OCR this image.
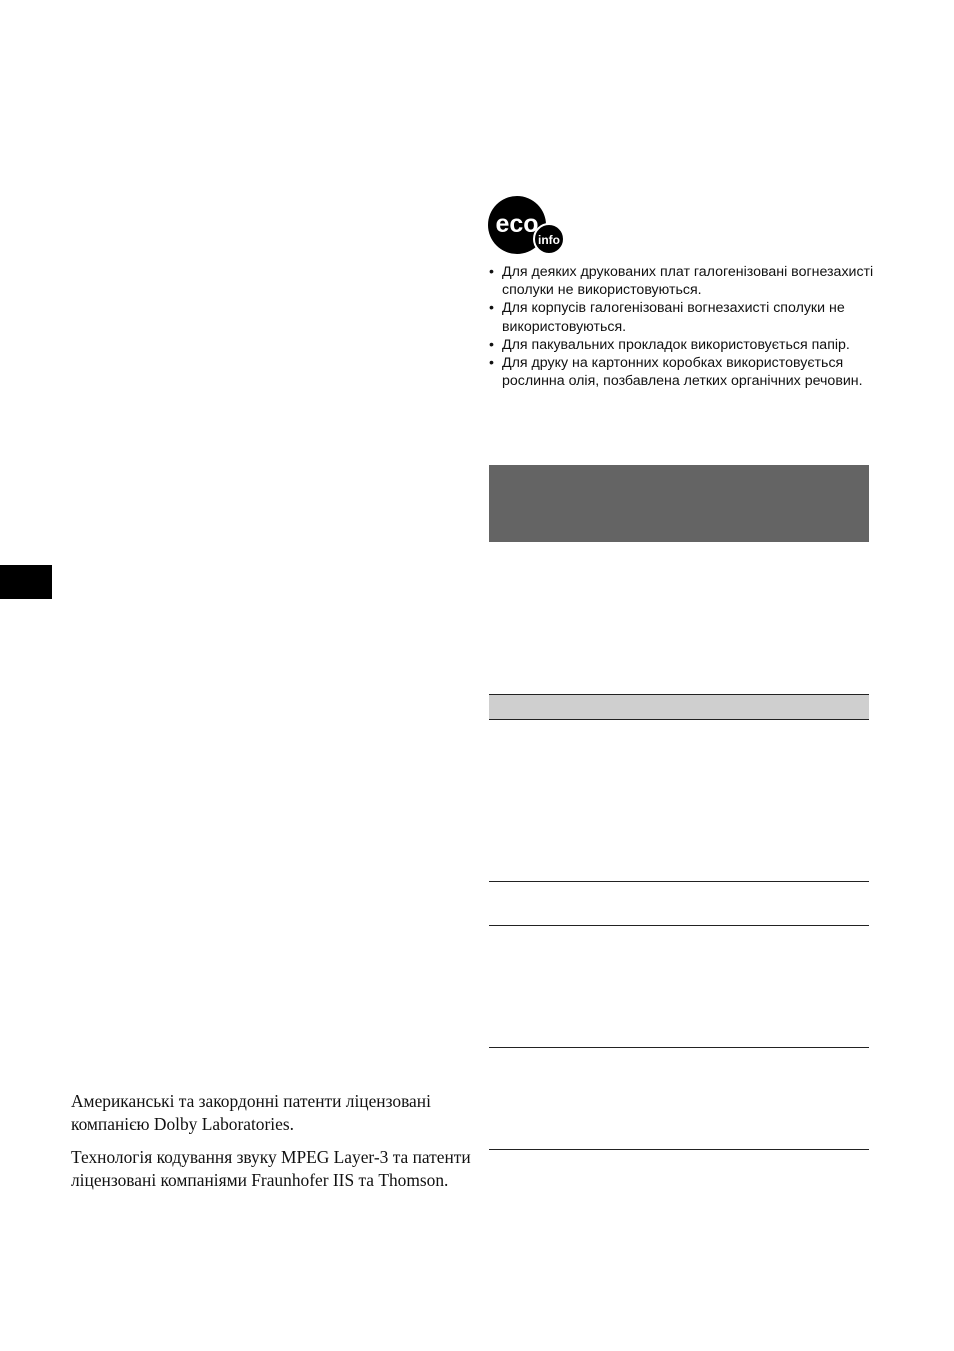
eco
info
• Для деяких друкованих плат галогенізовані вогнезахисті сполуки не використовуються.
• Для корпусів галогенізовані вогнезахисті сполуки не використовуються.
• Для пакувальних прокладок використовується папір.
• Для друку на картонних коробках використовується рослинна олія, позбавлена летких органічних речовин.

Американські та закордонні патенти ліцензовані компанією Dolby Laboratories.

Технологія кодування звуку MPEG Layer-3 та патенти ліцензовані компаніями Fraunhofer IIS та Thomson.
